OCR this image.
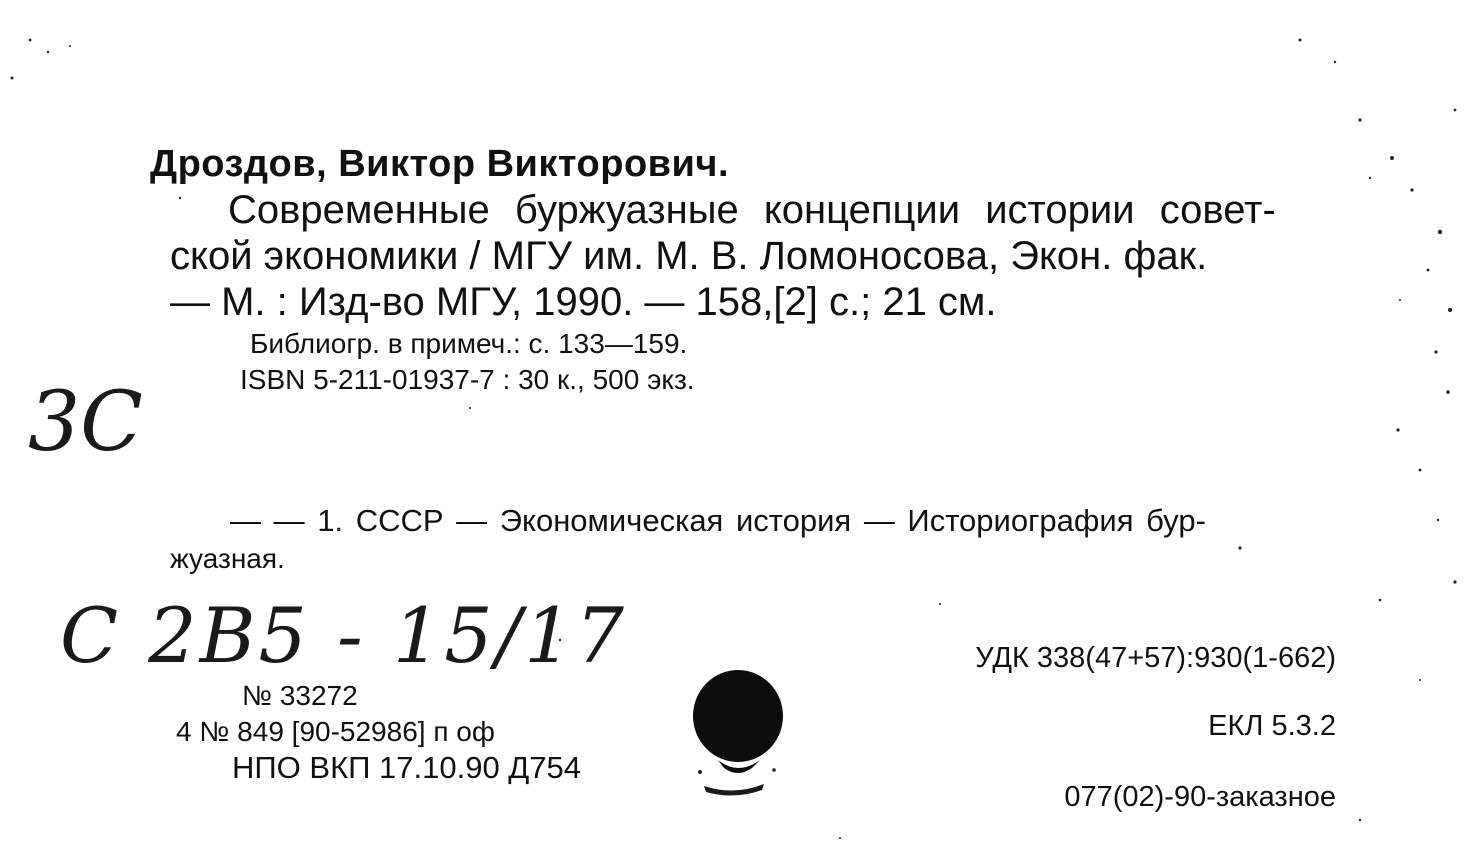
Дроздов, Виктор Викторович.
Современные буржуазные концепции истории совет-
ской экономики / МГУ им. М. В. Ломоносова, Экон. фак.
— М. : Изд-во МГУ, 1990. — 158,[2] с.; 21 см.
Библиогр. в примеч.: с. 133—159.
ISBN 5-211-01937-7 : 30 к., 500 экз.
3С
— — 1. СССР — Экономическая история — Историография бур-
жуазная.
С 2В5 - 15/17
№ 33272
4 № 849 [90-52986] п оф
НПО ВКП 17.10.90 Д754
УДК 338(47+57):930(1-662)
ЕКЛ 5.3.2
077(02)-90-заказное
